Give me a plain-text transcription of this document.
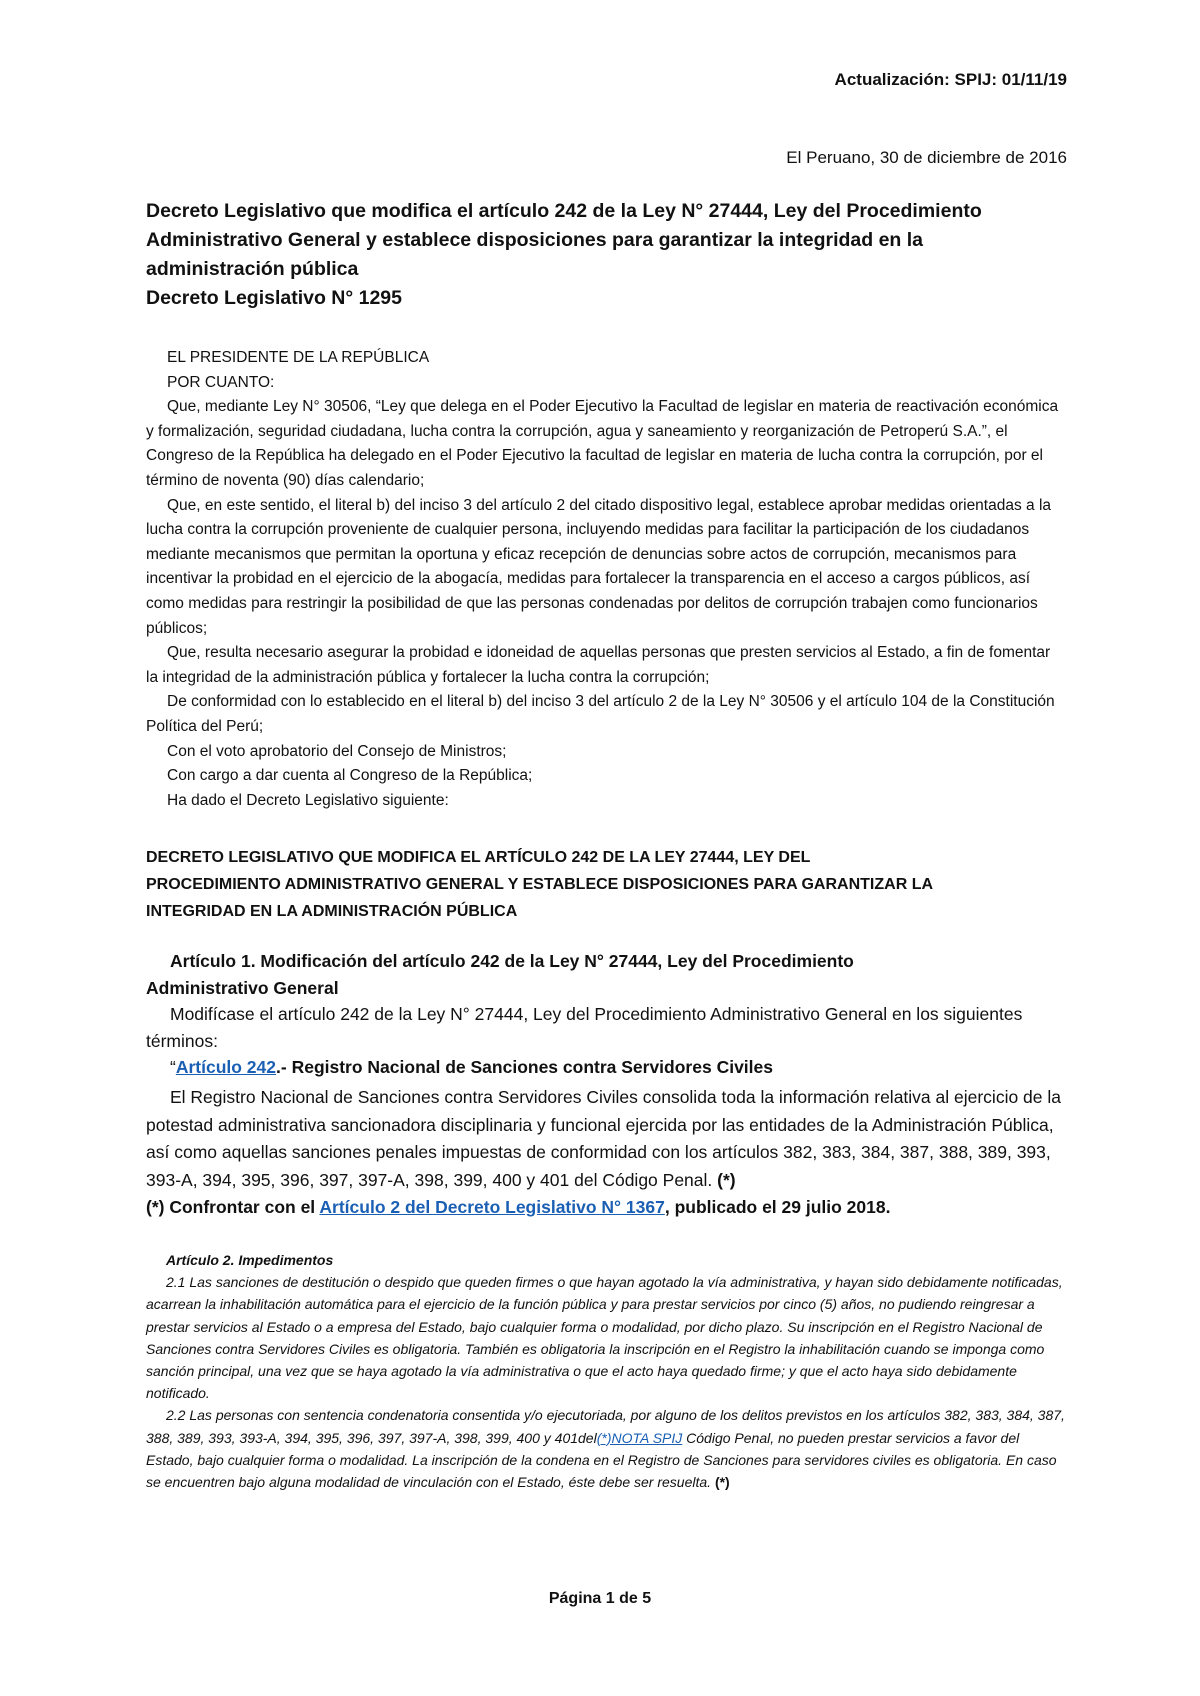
Actualización: SPIJ: 01/11/19
El Peruano, 30 de diciembre de 2016
Decreto Legislativo que modifica el artículo 242 de la Ley N° 27444, Ley del Procedimiento
Administrativo General y establece disposiciones para garantizar la integridad en la
administración pública
Decreto Legislativo N° 1295

EL PRESIDENTE DE LA REPÚBLICA

POR CUANTO:

Que, mediante Ley N° 30506, “Ley que delega en el Poder Ejecutivo la Facultad de legislar en materia de reactivación económica y formalización, seguridad ciudadana, lucha contra la corrupción, agua y saneamiento y reorganización de Petroperú S.A.”, el Congreso de la República ha delegado en el Poder Ejecutivo la facultad de legislar en materia de lucha contra la corrupción, por el término de noventa (90) días calendario;

Que, en este sentido, el literal b) del inciso 3 del artículo 2 del citado dispositivo legal, establece aprobar medidas orientadas a la lucha contra la corrupción proveniente de cualquier persona, incluyendo medidas para facilitar la participación de los ciudadanos mediante mecanismos que permitan la oportuna y eficaz recepción de denuncias sobre actos de corrupción, mecanismos para incentivar la probidad en el ejercicio de la abogacía, medidas para fortalecer la transparencia en el acceso a cargos públicos, así como medidas para restringir la posibilidad de que las personas condenadas por delitos de corrupción trabajen como funcionarios públicos;

Que, resulta necesario asegurar la probidad e idoneidad de aquellas personas que presten servicios al Estado, a fin de fomentar la integridad de la administración pública y fortalecer la lucha contra la corrupción;

De conformidad con lo establecido en el literal b) del inciso 3 del artículo 2 de la Ley N° 30506 y el artículo 104 de la Constitución Política del Perú;

Con el voto aprobatorio del Consejo de Ministros;

Con cargo a dar cuenta al Congreso de la República;

Ha dado el Decreto Legislativo siguiente:

DECRETO LEGISLATIVO QUE MODIFICA EL ARTÍCULO 242 DE LA LEY 27444, LEY DEL
PROCEDIMIENTO ADMINISTRATIVO GENERAL Y ESTABLECE DISPOSICIONES PARA GARANTIZAR LA
INTEGRIDAD EN LA ADMINISTRACIÓN PÚBLICA

Artículo 1. Modificación del artículo 242 de la Ley N° 27444, Ley del Procedimiento

Administrativo General

Modifícase el artículo 242 de la Ley N° 27444, Ley del Procedimiento Administrativo General en los siguientes términos:

“Artículo 242.- Registro Nacional de Sanciones contra Servidores Civiles

El Registro Nacional de Sanciones contra Servidores Civiles consolida toda la información relativa al ejercicio de la potestad administrativa sancionadora disciplinaria y funcional ejercida por las entidades de la Administración Pública, así como aquellas sanciones penales impuestas de conformidad con los artículos 382, 383, 384, 387, 388, 389, 393, 393-A, 394, 395, 396, 397, 397-A, 398, 399, 400 y 401 del Código Penal. (*)

(*) Confrontar con el Artículo 2 del Decreto Legislativo N° 1367, publicado el 29 julio 2018.

Artículo 2. Impedimentos

2.1 Las sanciones de destitución o despido que queden firmes o que hayan agotado la vía administrativa, y hayan sido debidamente notificadas, acarrean la inhabilitación automática para el ejercicio de la función pública y para prestar servicios por cinco (5) años, no pudiendo reingresar a prestar servicios al Estado o a empresa del Estado, bajo cualquier forma o modalidad, por dicho plazo. Su inscripción en el Registro Nacional de Sanciones contra Servidores Civiles es obligatoria. También es obligatoria la inscripción en el Registro la inhabilitación cuando se imponga como sanción principal, una vez que se haya agotado la vía administrativa o que el acto haya quedado firme; y que el acto haya sido debidamente notificado.

2.2 Las personas con sentencia condenatoria consentida y/o ejecutoriada, por alguno de los delitos previstos en los artículos 382, 383, 384, 387, 388, 389, 393, 393-A, 394, 395, 396, 397, 397-A, 398, 399, 400 y 401del(*)NOTA SPIJ Código Penal, no pueden prestar servicios a favor del Estado, bajo cualquier forma o modalidad. La inscripción de la condena en el Registro de Sanciones para servidores civiles es obligatoria. En caso se encuentren bajo alguna modalidad de vinculación con el Estado, éste debe ser resuelta. (*)

Página 1 de 5
